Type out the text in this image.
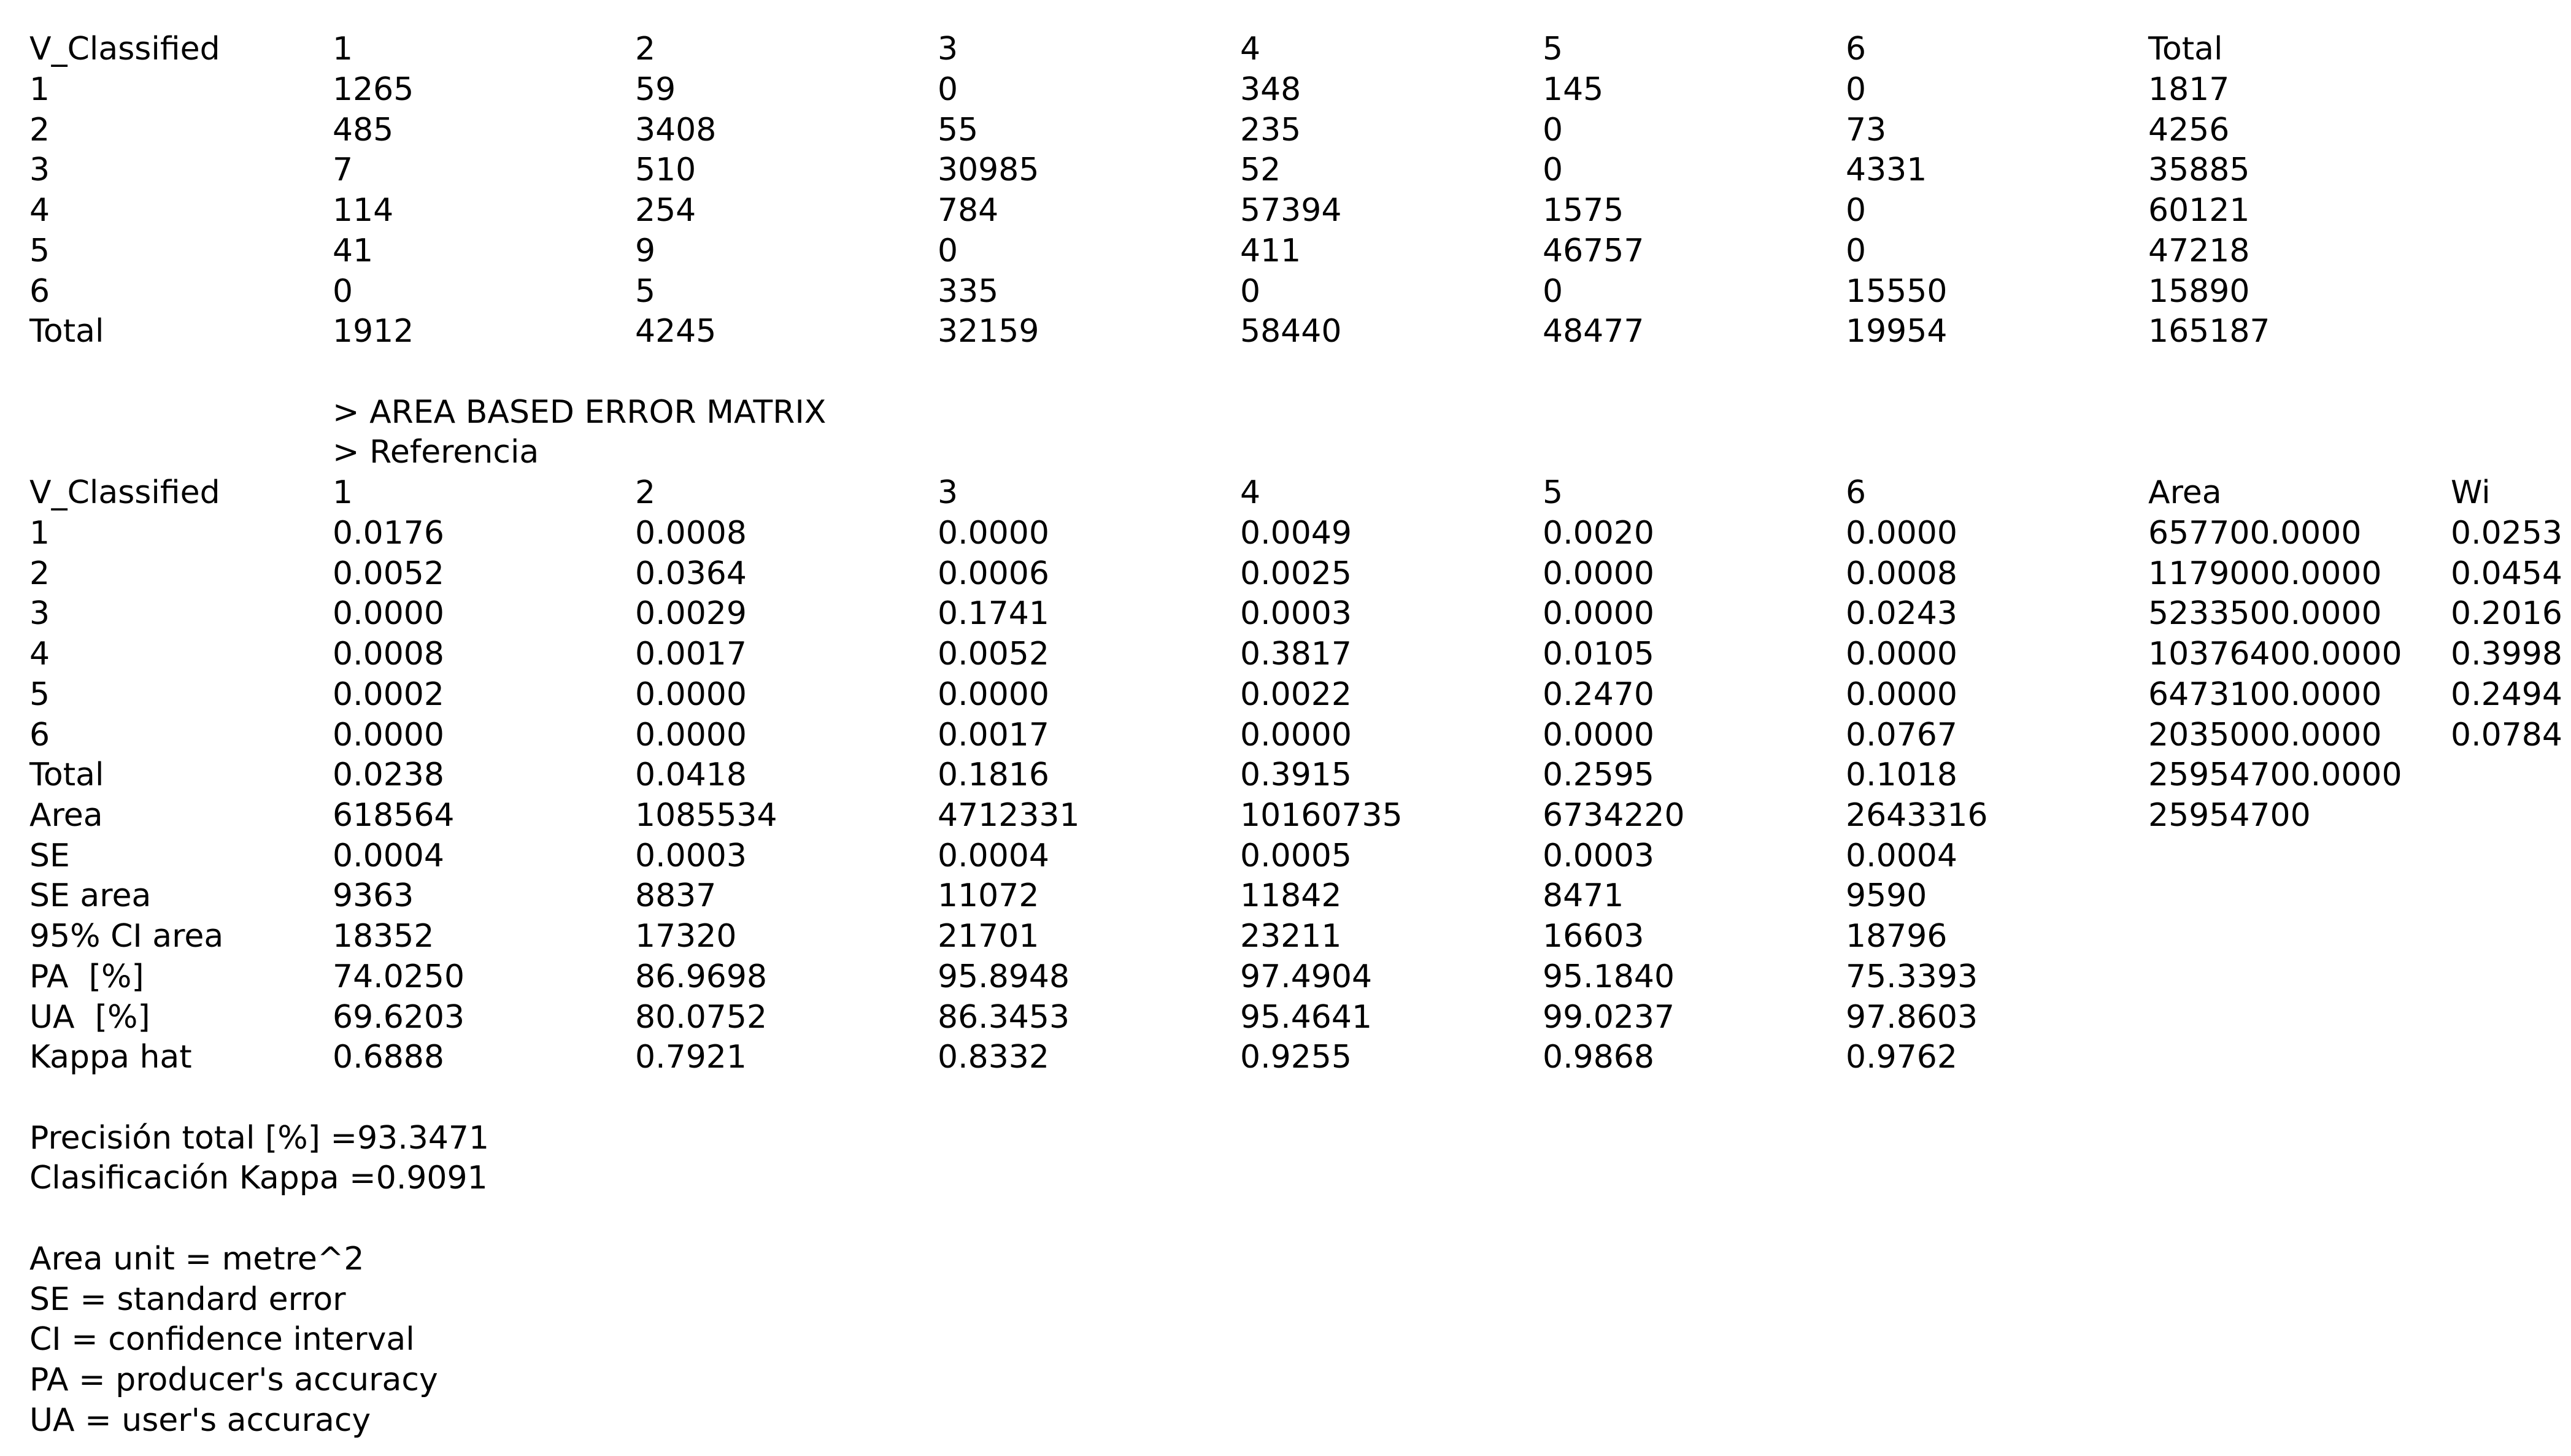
V_Classified	1	2	3	4	5	6	Total
1	1265	59	0	348	145	0	1817
2	485	3408	55	235	0	73	4256
3	7	510	30985	52	0	4331	35885
4	114	254	784	57394	1575	0	60121
5	41	9	0	411	46757	0	47218
6	0	5	335	0	0	15550	15890
Total	1912	4245	32159	58440	48477	19954	165187
> AREA BASED ERROR MATRIX
> Referencia
V_Classified	1	2	3	4	5	6	Area	Wi
1	0.0176	0.0008	0.0000	0.0049	0.0020	0.0000	657700.0000	0.0253
2	0.0052	0.0364	0.0006	0.0025	0.0000	0.0008	1179000.0000 0.0454
3	0.0000	0.0029	0.1741	0.0003	0.0000	0.0243	5233500.0000 0.2016
4	0.0008	0.0017	0.0052	0.3817	0.0105	0.0000	10376400.0000 0.3998
5	0.0002	0.0000	0.0000	0.0022	0.2470	0.0000	6473100.0000 0.2494
6	0.0000	0.0000	0.0017	0.0000	0.0000	0.0767	2035000.0000 0.0784
Total	0.0238	0.0418	0.1816	0.3915	0.2595	0.1018	25954700.0000
Area	618564	1085534	4712331	10160735	6734220	2643316	25954700
SE	0.0004	0.0003	0.0004	0.0005	0.0003	0.0004
SE area	9363	8837	11072	11842	8471	9590
95% CI area	18352	17320	21701	23211	16603	18796
PA  [%]	74.0250	86.9698	95.8948	97.4904	95.1840	75.3393
UA  [%]	69.6203	80.0752	86.3453	95.4641	99.0237	97.8603
Kappa hat	0.6888	0.7921	0.8332	0.9255	0.9868	0.9762
Precisión total [%] =93.3471
Clasificación Kappa =0.9091
Area unit = metre^2
SE = standard error
CI = confidence interval
PA = producer's accuracy
UA = user's accuracy
